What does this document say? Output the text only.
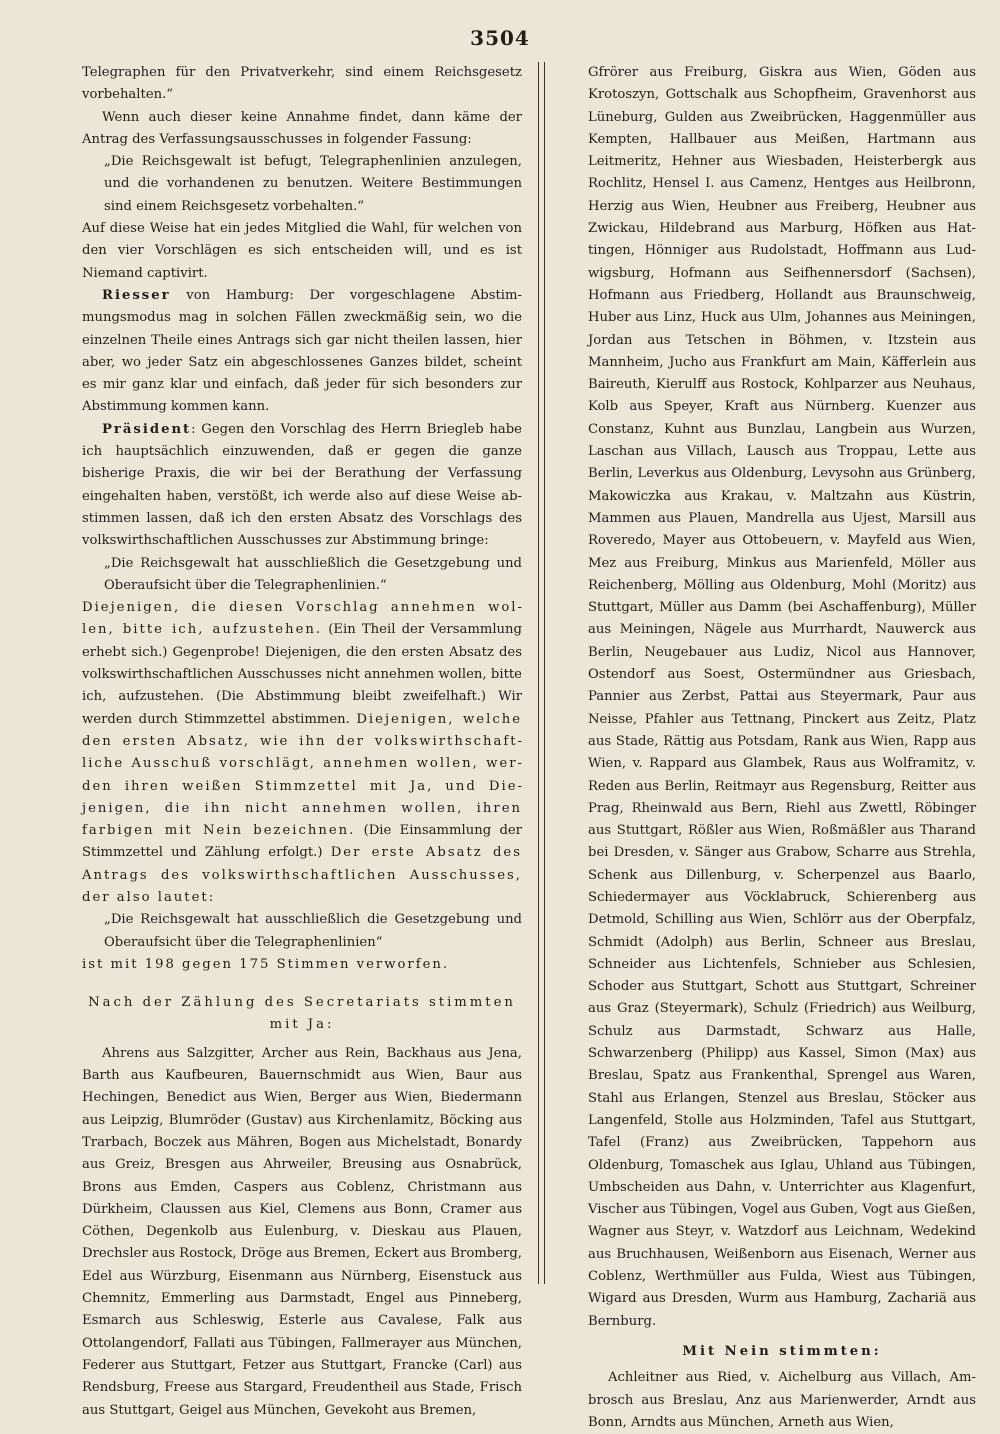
3504

Telegraphen für den Privatverkehr, sind einem Reichsgesetz vorbehalten.“

Wenn auch dieser keine Annahme findet, dann käme der Antrag des Verfassungsausschusses in folgender Fassung:

„Die Reichsgewalt ist befugt, Telegraphenlinien anzulegen, und die vorhandenen zu benutzen. Weitere Bestimmungen sind einem Reichsgesetz vorbehalten.“

Auf diese Weise hat ein jedes Mitglied die Wahl, für welchen von den vier Vorschlägen es sich entscheiden will, und es ist Niemand captivirt.

Riesser von Hamburg: Der vorgeschlagene Abstimmungsmodus mag in solchen Fällen zweckmäßig sein, wo die einzelnen Theile eines Antrags sich gar nicht theilen lassen, hier aber, wo jeder Satz ein abgeschlossenes Ganzes bildet, scheint es mir ganz klar und einfach, daß jeder für sich besonders zur Abstimmung kommen kann.

Präsident: Gegen den Vorschlag des Herrn Briegleb habe ich hauptsächlich einzuwenden, daß er gegen die ganze bisherige Praxis, die wir bei der Berathung der Verfassung eingehalten haben, verstößt, ich werde also auf diese Weise abstimmen lassen, daß ich den ersten Absatz des Vorschlags des volkswirthschaftlichen Ausschusses zur Abstimmung bringe:

„Die Reichsgewalt hat ausschließlich die Gesetzgebung und Oberaufsicht über die Telegraphenlinien.“

Diejenigen, die diesen Vorschlag annehmen wollen, bitte ich, aufzustehen. (Ein Theil der Versammlung erhebt sich.) Gegenprobe! Diejenigen, die den ersten Absatz des volkswirthschaftlichen Ausschusses nicht annehmen wollen, bitte ich, aufzustehen. (Die Abstimmung bleibt zweifelhaft.) Wir werden durch Stimmzettel abstimmen. Diejenigen, welche den ersten Absatz, wie ihn der volkswirthschaftliche Ausschuß vorschlägt, annehmen wollen, werden ihren weißen Stimmzettel mit Ja, und Diejenigen, die ihn nicht annehmen wollen, ihren farbigen mit Nein bezeichnen. (Die Einsammlung der Stimmzettel und Zählung erfolgt.) Der erste Absatz des Antrags des volkswirthschaftlichen Ausschusses, der also lautet:

„Die Reichsgewalt hat ausschließlich die Gesetzgebung und Oberaufsicht über die Telegraphenlinien“

ist mit 198 gegen 175 Stimmen verworfen.

Nach der Zählung des Secretariats stimmten mit Ja:

Ahrens aus Salzgitter, Archer aus Rein, Backhaus aus Jena, Barth aus Kaufbeuren, Bauernschmidt aus Wien, Baur aus Hechingen, Benedict aus Wien, Berger aus Wien, Biedermann aus Leipzig, Blumröder (Gustav) aus Kirchenlamitz, Böcking aus Trarbach, Boczek aus Mähren, Bogen aus Michelstadt, Bonardy aus Greiz, Bresgen aus Ahrweiler, Breusing aus Osnabrück, Brons aus Emden, Caspers aus Coblenz, Christmann aus Dürkheim, Claussen aus Kiel, Clemens aus Bonn, Cramer aus Cöthen, Degenkolb aus Eulenburg, v. Dieskau aus Plauen, Drechsler aus Rostock, Dröge aus Bremen, Eckert aus Bromberg, Edel aus Würzburg, Eisenmann aus Nürnberg, Eisenstuck aus Chemnitz, Emmerling aus Darmstadt, Engel aus Pinneberg, Esmarch aus Schleswig, Esterle aus Cavalese, Falk aus Ottolangendorf, Fallati aus Tübingen, Fallmerayer aus München, Federer aus Stuttgart, Fetzer aus Stuttgart, Francke (Carl) aus Rendsburg, Freese aus Stargard, Freudentheil aus Stade, Frisch aus Stuttgart, Geigel aus München, Gevekoht aus Bremen,

Gfrörer aus Freiburg, Giskra aus Wien, Göden aus Krotoszyn, Gottschalk aus Schopfheim, Gravenhorst aus Lüneburg, Gulden aus Zweibrücken, Haggenmüller aus Kempten, Hallbauer aus Meißen, Hartmann aus Leitmeritz, Hehner aus Wiesbaden, Heisterbergk aus Rochlitz, Hensel I. aus Camenz, Hentges aus Heilbronn, Herzig aus Wien, Heubner aus Freiberg, Heubner aus Zwickau, Hildebrand aus Marburg, Höfken aus Hattingen, Hönniger aus Rudolstadt, Hoffmann aus Ludwigsburg, Hofmann aus Seifhennersdorf (Sachsen), Hofmann aus Friedberg, Hollandt aus Braunschweig, Huber aus Linz, Huck aus Ulm, Johannes aus Meiningen, Jordan aus Tetschen in Böhmen, v. Itzstein aus Mannheim, Jucho aus Frankfurt am Main, Käfferlein aus Baireuth, Kierulff aus Rostock, Kohlparzer aus Neuhaus, Kolb aus Speyer, Kraft aus Nürnberg. Kuenzer aus Constanz, Kuhnt aus Bunzlau, Langbein aus Wurzen, Laschan aus Villach, Lausch aus Troppau, Lette aus Berlin, Leverkus aus Oldenburg, Levysohn aus Grünberg, Makowiczka aus Krakau, v. Maltzahn aus Küstrin, Mammen aus Plauen, Mandrella aus Ujest, Marsill aus Roveredo, Mayer aus Ottobeuern, v. Mayfeld aus Wien, Mez aus Freiburg, Minkus aus Marienfeld, Möller aus Reichenberg, Mölling aus Oldenburg, Mohl (Moritz) aus Stuttgart, Müller aus Damm (bei Aschaffenburg), Müller aus Meiningen, Nägele aus Murrhardt, Nauwerck aus Berlin, Neugebauer aus Ludiz, Nicol aus Hannover, Ostendorf aus Soest, Ostermündner aus Griesbach, Pannier aus Zerbst, Pattai aus Steyermark, Paur aus Neisse, Pfahler aus Tettnang, Pinckert aus Zeitz, Platz aus Stade, Rättig aus Potsdam, Rank aus Wien, Rapp aus Wien, v. Rappard aus Glambek, Raus aus Wolframitz, v. Reden aus Berlin, Reitmayr aus Regensburg, Reitter aus Prag, Rheinwald aus Bern, Riehl aus Zwettl, Röbinger aus Stuttgart, Rößler aus Wien, Roßmäßler aus Tharand bei Dresden, v. Sänger aus Grabow, Scharre aus Strehla, Schenk aus Dillenburg, v. Scherpenzel aus Baarlo, Schiedermayer aus Vöcklabruck, Schierenberg aus Detmold, Schilling aus Wien, Schlörr aus der Oberpfalz, Schmidt (Adolph) aus Berlin, Schneer aus Breslau, Schneider aus Lichtenfels, Schnieber aus Schlesien, Schoder aus Stuttgart, Schott aus Stuttgart, Schreiner aus Graz (Steyermark), Schulz (Friedrich) aus Weilburg, Schulz aus Darmstadt, Schwarz aus Halle, Schwarzenberg (Philipp) aus Kassel, Simon (Max) aus Breslau, Spatz aus Frankenthal, Sprengel aus Waren, Stahl aus Erlangen, Stenzel aus Breslau, Stöcker aus Langenfeld, Stolle aus Holzminden, Tafel aus Stuttgart, Tafel (Franz) aus Zweibrücken, Tappehorn aus Oldenburg, Tomaschek aus Iglau, Uhland aus Tübingen, Umbscheiden aus Dahn, v. Unterrichter aus Klagenfurt, Vischer aus Tübingen, Vogel aus Guben, Vogt aus Gießen, Wagner aus Steyr, v. Watzdorf aus Leichnam, Wedekind aus Bruchhausen, Weißenborn aus Eisenach, Werner aus Coblenz, Werthmüller aus Fulda, Wiest aus Tübingen, Wigard aus Dresden, Wurm aus Hamburg, Zachariä aus Bernburg.

Mit Nein stimmten:

Achleitner aus Ried, v. Aichelburg aus Villach, Ambrosch aus Breslau, Anz aus Marienwerder, Arndt aus Bonn, Arndts aus München, Arneth aus Wien,
